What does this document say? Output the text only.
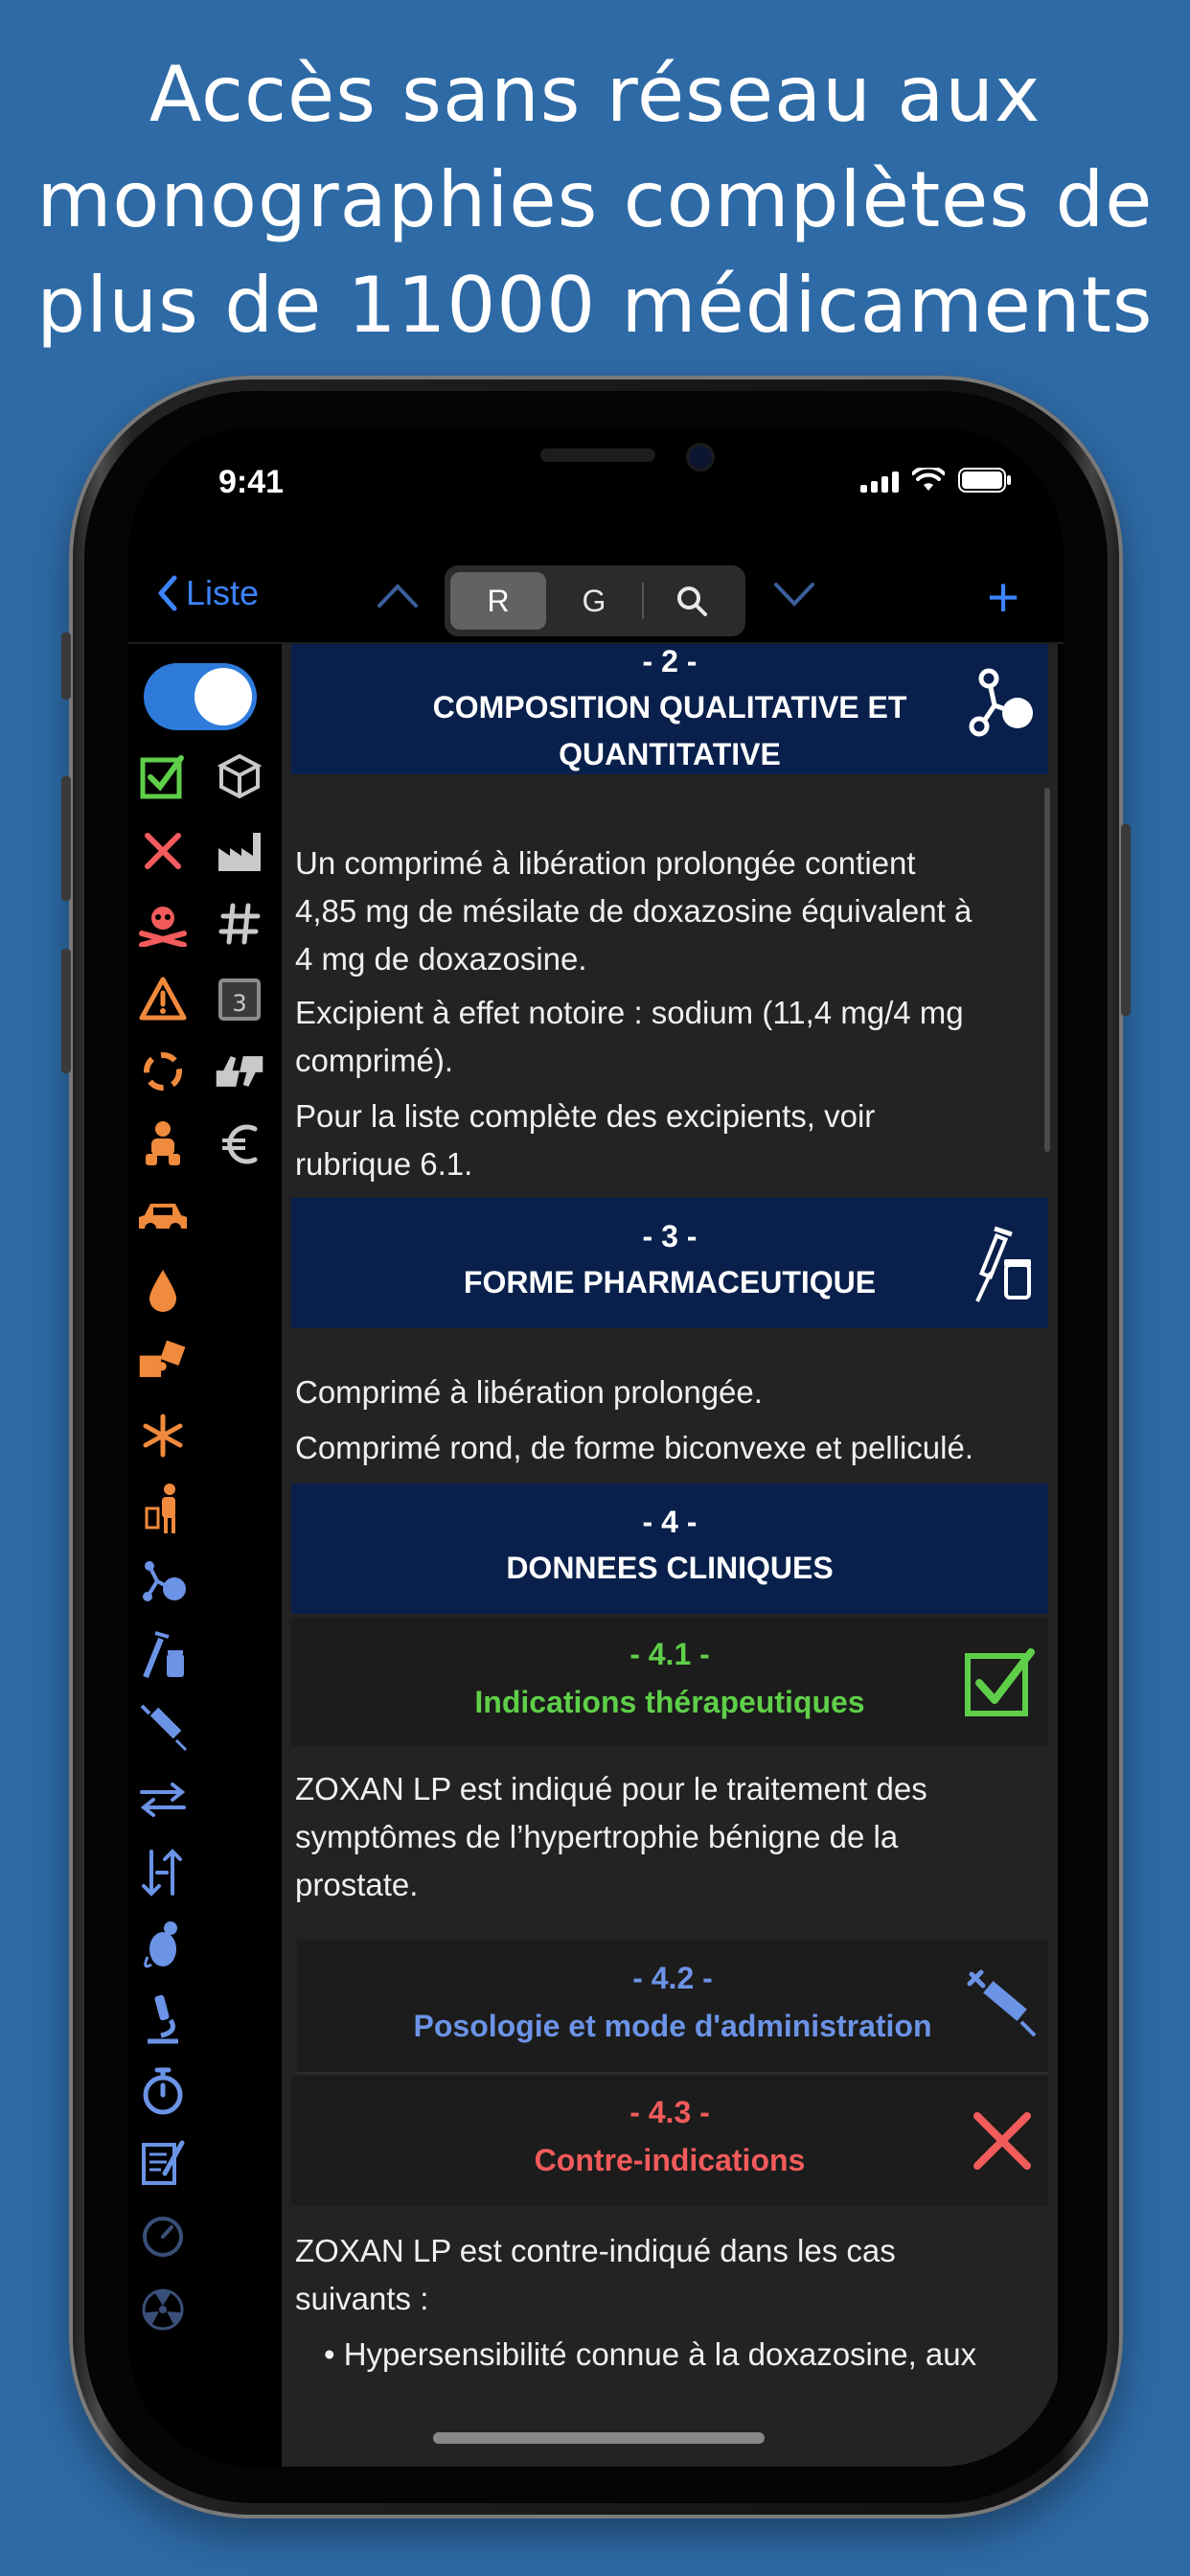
Accès sans réseau aux
monographies complètes de
plus de 11000 médicaments
9:41
Liste	R	G	+
3
- 2 -
COMPOSITION QUALITATIVE ET
QUANTITATIVE
Un comprimé à libération prolongée contient
4,85 mg de mésilate de doxazosine équivalent à
4 mg de doxazosine.
Excipient à effet notoire : sodium (11,4 mg/4 mg
comprimé).
Pour la liste complète des excipients, voir
rubrique 6.1.
- 3 -
FORME PHARMACEUTIQUE
Comprimé à libération prolongée.
Comprimé rond, de forme biconvexe et pelliculé.
- 4 -
DONNEES CLINIQUES
- 4.1 -
Indications thérapeutiques
ZOXAN LP est indiqué pour le traitement des
symptômes de l’hypertrophie bénigne de la
prostate.
- 4.2 -
Posologie et mode d'administration
- 4.3 -
Contre-indications
ZOXAN LP est contre-indiqué dans les cas
suivants :
• Hypersensibilité connue à la doxazosine, aux
